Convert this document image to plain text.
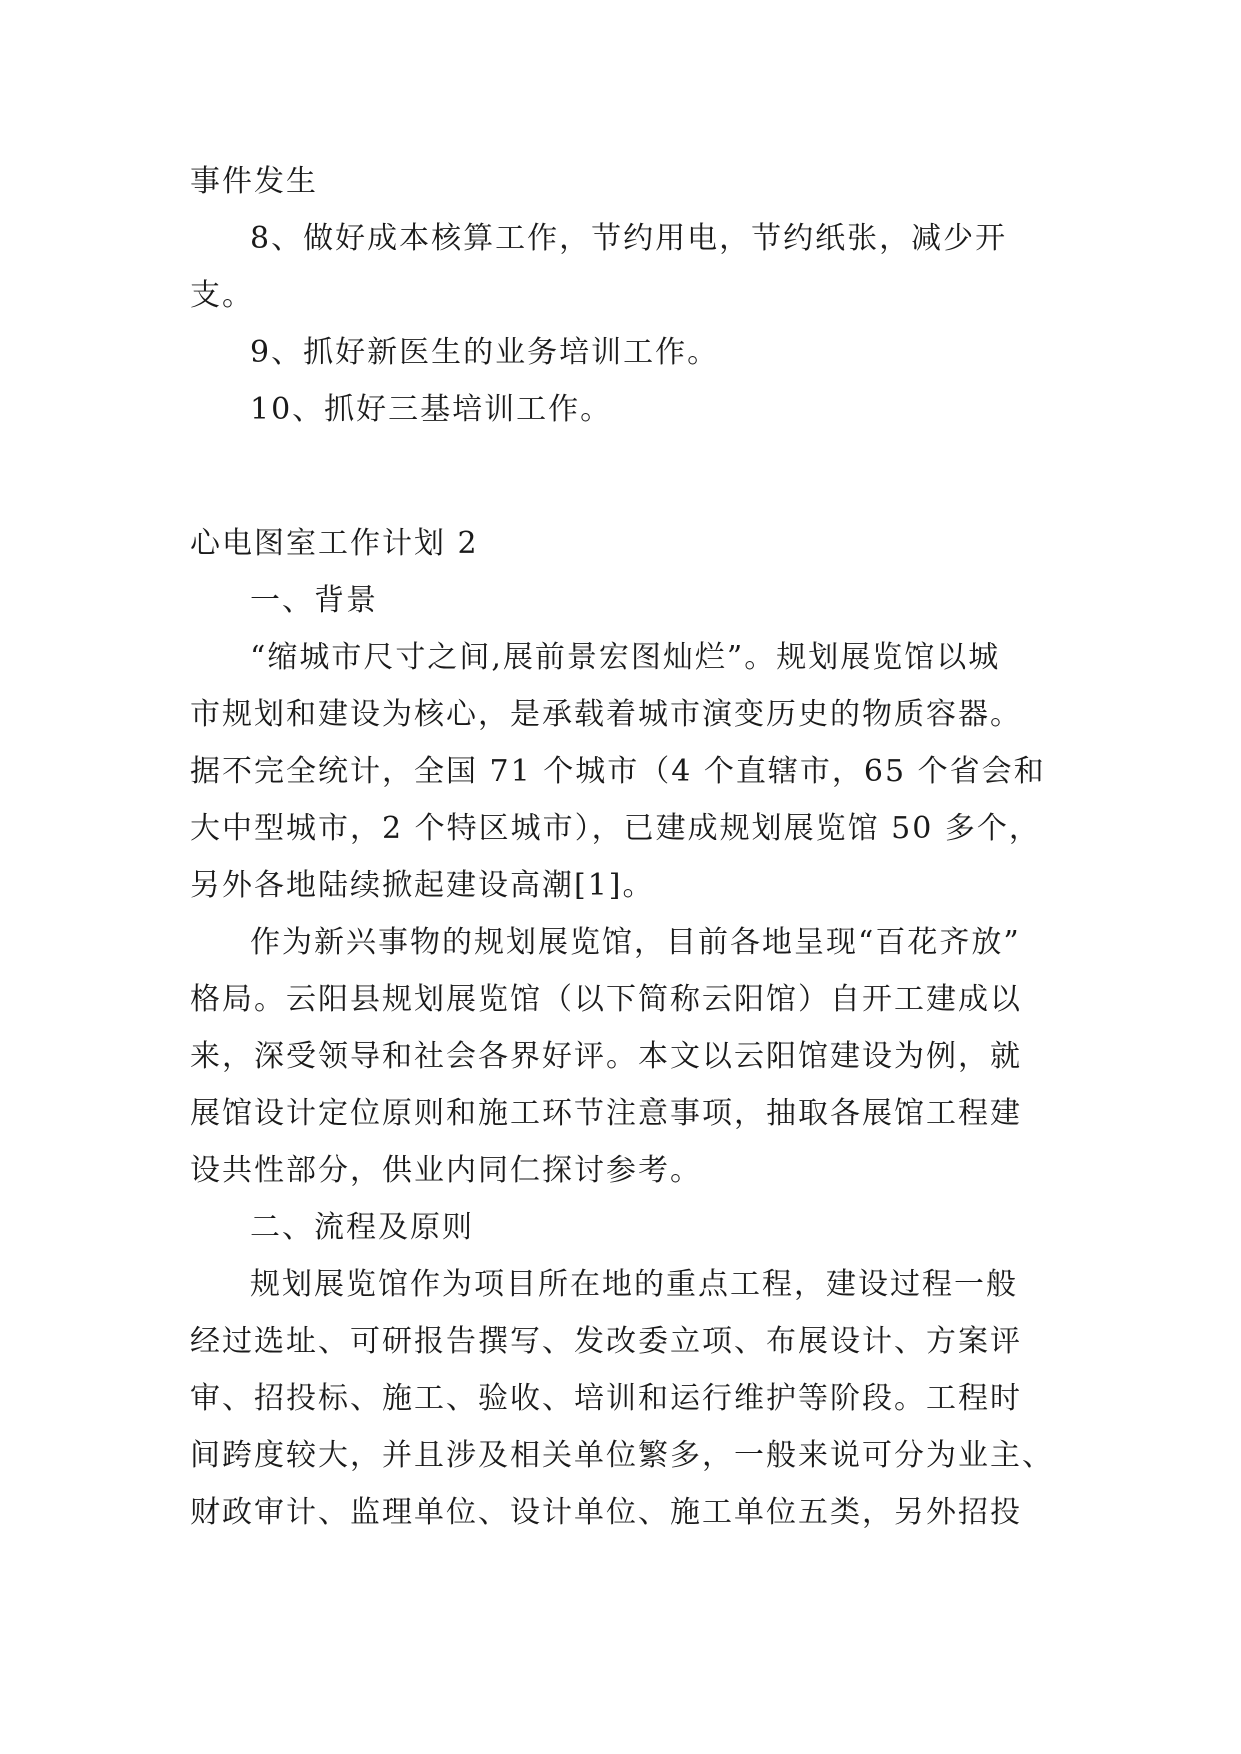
事件发生
8、做好成本核算工作，节约用电，节约纸张，减少开
支。
9、抓好新医生的业务培训工作。
10、抓好三基培训工作。
心电图室工作计划 2
一、背景
“缩城市尺寸之间,展前景宏图灿烂”。规划展览馆以城
市规划和建设为核心，是承载着城市演变历史的物质容器。
据不完全统计，全国 71 个城市（4 个直辖市，65 个省会和
大中型城市，2 个特区城市），已建成规划展览馆 50 多个，
另外各地陆续掀起建设高潮[1]。
作为新兴事物的规划展览馆，目前各地呈现“百花齐放”
格局。云阳县规划展览馆（以下简称云阳馆）自开工建成以
来，深受领导和社会各界好评。本文以云阳馆建设为例，就
展馆设计定位原则和施工环节注意事项，抽取各展馆工程建
设共性部分，供业内同仁探讨参考。
二、流程及原则
规划展览馆作为项目所在地的重点工程，建设过程一般
经过选址、可研报告撰写、发改委立项、布展设计、方案评
审、招投标、施工、验收、培训和运行维护等阶段。工程时
间跨度较大，并且涉及相关单位繁多，一般来说可分为业主、
财政审计、监理单位、设计单位、施工单位五类，另外招投
